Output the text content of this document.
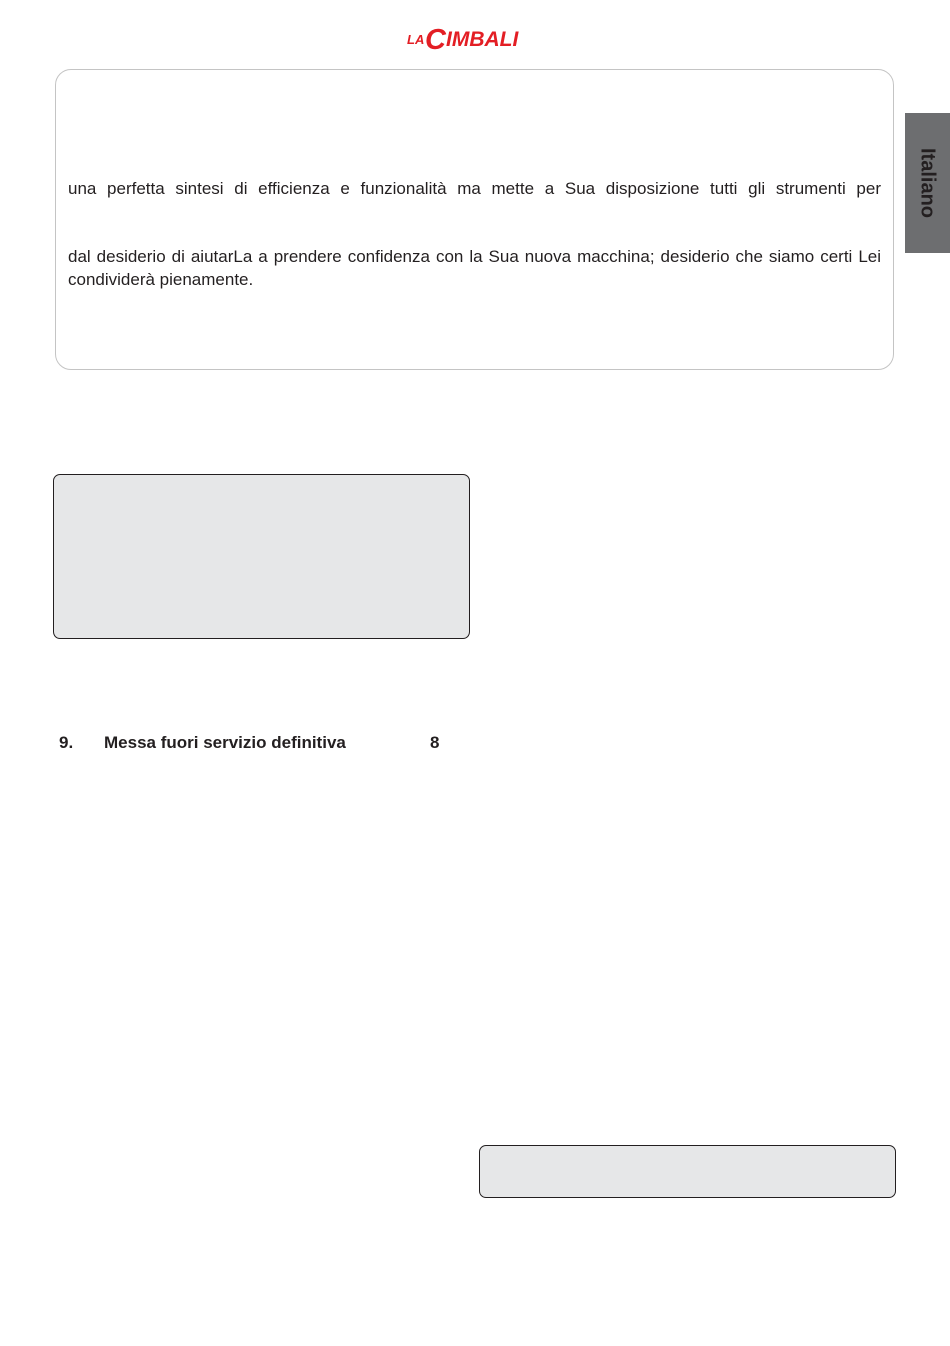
LA C IMBALI

una perfetta sintesi di efficienza e funzionalità ma mette a Sua disposizione tutti gli strumenti per

dal desiderio di aiutarLa a prendere confidenza con la Sua nuova macchina; desiderio che siamo certi Lei condividerà pienamente.

Italiano
9. Messa fuori servizio definitiva	8
